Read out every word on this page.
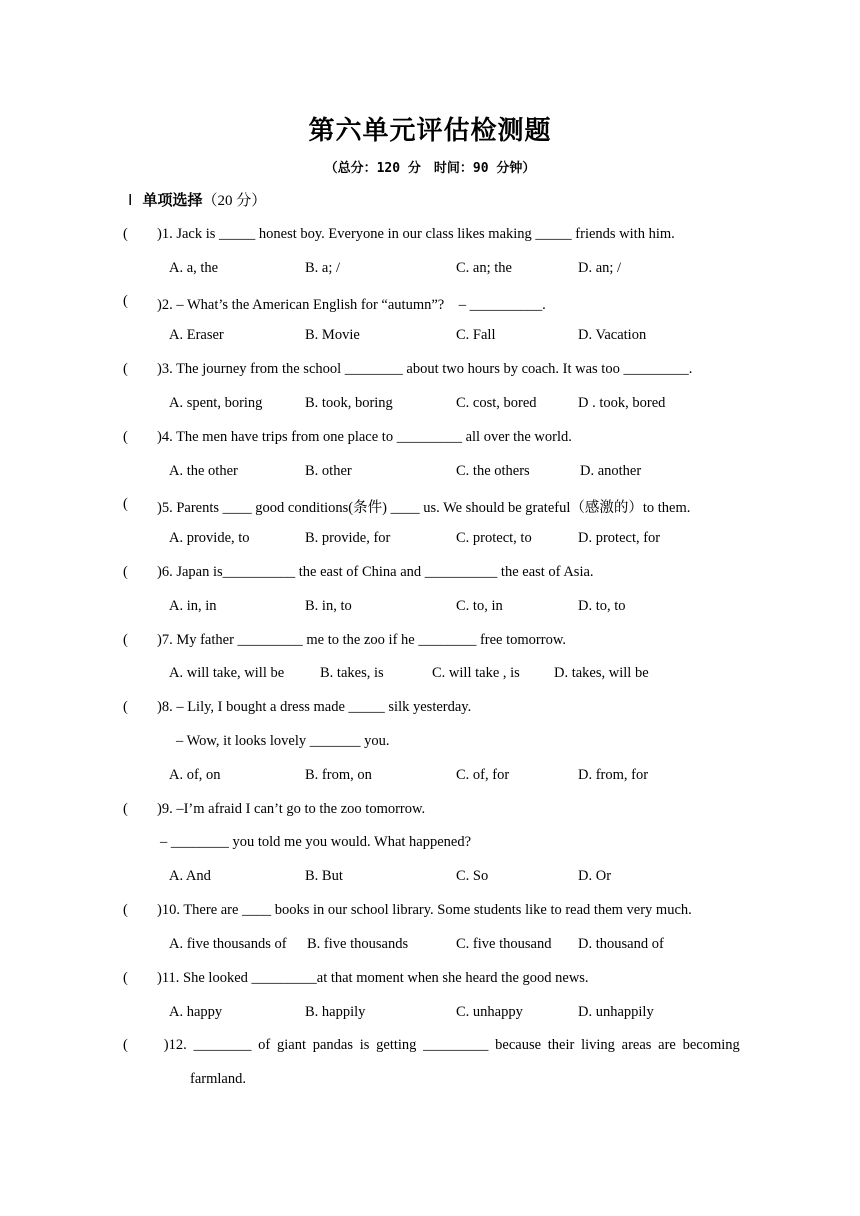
第六单元评估检测题
（总分：120 分　时间：90 分钟）
Ⅰ 单项选择（20 分）
( )1. Jack is _____ honest boy. Everyone in our class likes making _____ friends with him.
A. a, the	B. a; /	C. an; the	D. an; /
( )2. – What’s the American English for “autumn”?　– __________.
A. Eraser	B. Movie	C. Fall	D. Vacation
( )3. The journey from the school ________ about two hours by coach. It was too _________.
A. spent, boring	B. took, boring	C. cost, bored	D . took, bored
( )4. The men have trips from one place to _________ all over the world.
A. the other	B. other	C. the others	D. another
( )5. Parents ____ good conditions(条件) ____ us. We should be grateful（感激的）to them.
A. provide, to	B. provide, for	C. protect, to	D. protect, for
( )6. Japan is__________ the east of China and __________ the east of Asia.
A. in, in	B. in, to	C. to, in	D. to, to
( )7. My father _________ me to the zoo if he ________ free tomorrow.
A. will take, will be B. takes, is	C. will take , is D. takes, will be
( )8. – Lily, I bought a dress made _____ silk yesterday.
– Wow, it looks lovely _______ you.
A. of, on	B. from, on	C. of, for	D. from, for
( )9. –I’m afraid I can’t go to the zoo tomorrow.
– ________ you told me you would. What happened?
A. And	B. But	C. So	D. Or
( )10. There are ____ books in our school library. Some students like to read them very much.
A. five thousands of B. five thousands	C. five thousand D. thousand of
( )11. She looked _________at that moment when she heard the good news.
A. happy	B. happily	C. unhappy	D. unhappily
(	)12. ________ of giant pandas is getting _________ because their living areas are becoming
farmland.
